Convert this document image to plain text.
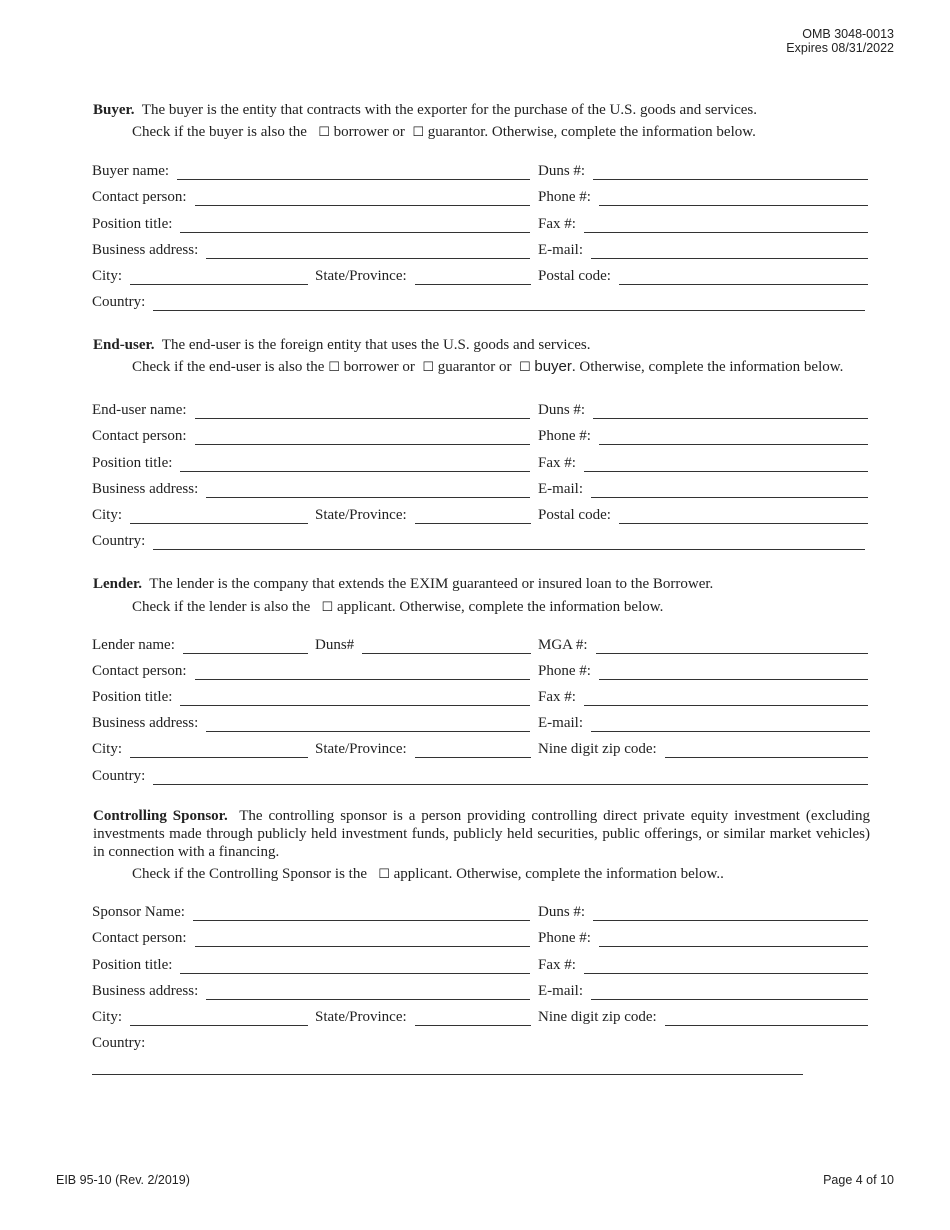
OMB 3048-0013
Expires 08/31/2022
Buyer. The buyer is the entity that contracts with the exporter for the purchase of the U.S. goods and services.
Check if the buyer is also the ☐ borrower or ☐ guarantor. Otherwise, complete the information below.
Buyer name:	Duns #:
Contact person:	Phone #:
Position title:	Fax #:
Business address:	E-mail:
City:	State/Province:	Postal code:
Country:
End-user. The end-user is the foreign entity that uses the U.S. goods and services.
Check if the end-user is also the ☐ borrower or ☐ guarantor or ☐ buyer. Otherwise, complete the information below.
End-user name:	Duns #:
Contact person:	Phone #:
Position title:	Fax #:
Business address:	E-mail:
City:	State/Province:	Postal code:
Country:
Lender. The lender is the company that extends the EXIM guaranteed or insured loan to the Borrower.
Check if the lender is also the ☐ applicant. Otherwise, complete the information below.
Lender name:	Duns#	MGA #:
Contact person:	Phone #:
Position title:	Fax #:
Business address:	E-mail:
City:	State/Province:	Nine digit zip code:
Country:
Controlling Sponsor. The controlling sponsor is a person providing controlling direct private equity investment (excluding investments made through publicly held investment funds, publicly held securities, public offerings, or similar market vehicles) in connection with a financing.
Check if the Controlling Sponsor is the ☐ applicant. Otherwise, complete the information below..
Sponsor Name:	Duns #:
Contact person:	Phone #:
Position title:	Fax #:
Business address:	E-mail:
City:	State/Province:	Nine digit zip code:
Country:
EIB 95-10 (Rev. 2/2019)	Page 4 of 10
